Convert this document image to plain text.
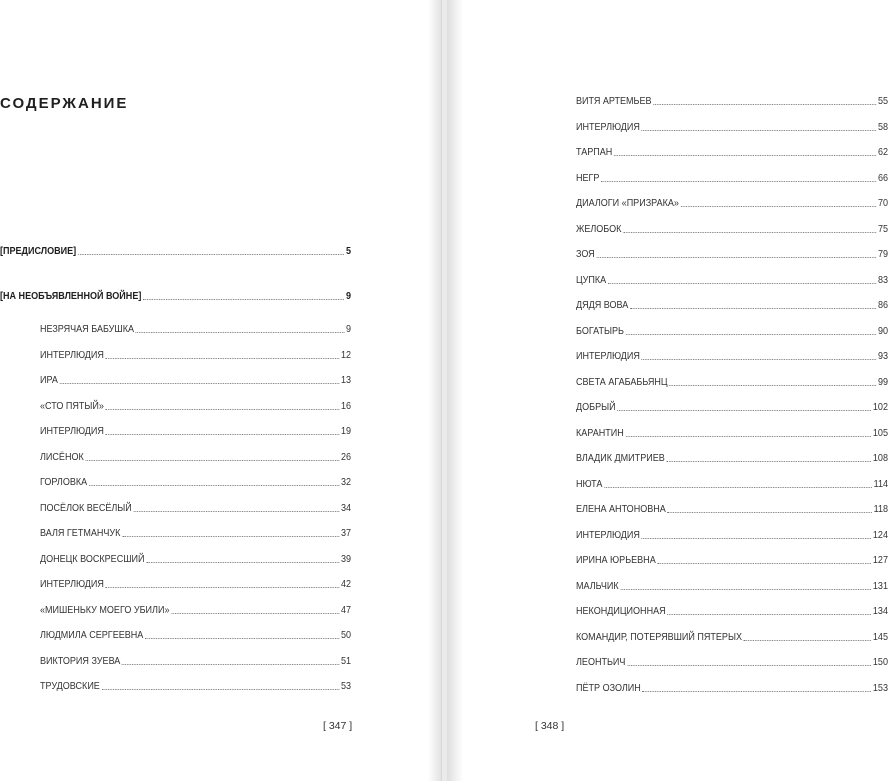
СОДЕРЖАНИЕ
[ПРЕДИСЛОВИЕ]	5
[НА НЕОБЪЯВЛЕННОЙ ВОЙНЕ]	9
НЕЗРЯЧАЯ БАБУШКА	9
ИНТЕРЛЮДИЯ	12
ИРА	13
«СТО ПЯТЫЙ»	16
ИНТЕРЛЮДИЯ	19
ЛИСЁНОК	26
ГОРЛОВКА	32
ПОСЁЛОК ВЕСЁЛЫЙ	34
ВАЛЯ ГЕТМАНЧУК	37
ДОНЕЦК ВОСКРЕСШИЙ	39
ИНТЕРЛЮДИЯ	42
«МИШЕНЬКУ МОЕГО УБИЛИ»	47
ЛЮДМИЛА СЕРГЕЕВНА	50
ВИКТОРИЯ ЗУЕВА	51
ТРУДОВСКИЕ	53
[ 347 ]
ВИТЯ АРТЕМЬЕВ	55
ИНТЕРЛЮДИЯ	58
ТАРПАН	62
НЕГР	66
ДИАЛОГИ «ПРИЗРАКА»	70
ЖЕЛОБОК	75
ЗОЯ	79
ЦУПКА	83
ДЯДЯ ВОВА	86
БОГАТЫРЬ	90
ИНТЕРЛЮДИЯ	93
СВЕТА АГАБАБЬЯНЦ	99
ДОБРЫЙ	102
КАРАНТИН	105
ВЛАДИК ДМИТРИЕВ	108
НЮТА	114
ЕЛЕНА АНТОНОВНА	118
ИНТЕРЛЮДИЯ	124
ИРИНА ЮРЬЕВНА	127
МАЛЬЧИК	131
НЕКОНДИЦИОННАЯ	134
КОМАНДИР, ПОТЕРЯВШИЙ ПЯТЕРЫХ	145
ЛЕОНТЬИЧ	150
ПЁТР ОЗОЛИН	153
[ 348 ]
